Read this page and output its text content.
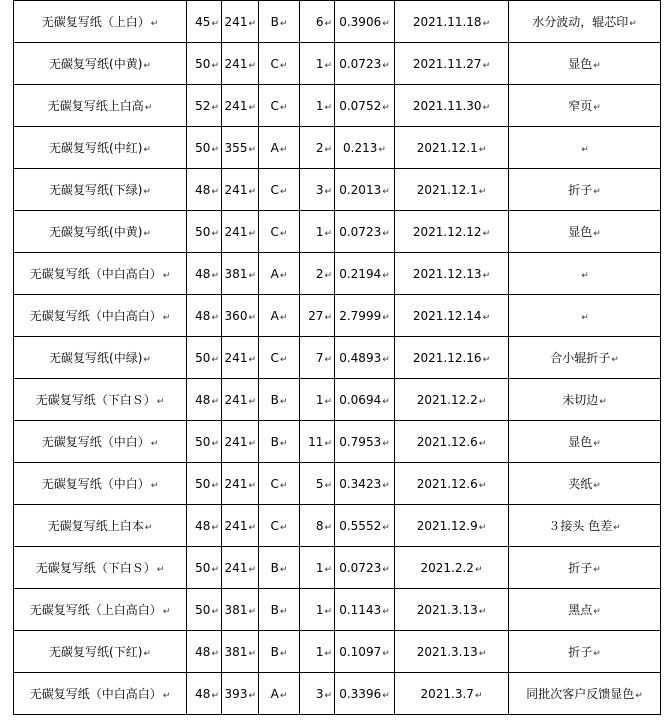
无碳复写纸（上白）↵	45↵	241↵	B↵	6↵	0.3906↵	2021.11.18↵	水分波动，辊芯印↵
无碳复写纸(中黄)↵	50↵	241↵	C↵	1↵	0.0723↵	2021.11.27↵	显色↵
无碳复写纸上白高↵	52↵	241↵	C↵	1↵	0.0752↵	2021.11.30↵	窄页↵
无碳复写纸(中红)↵	50↵	355↵	A↵	2↵	0.213↵	2021.12.1↵	↵
无碳复写纸(下绿)↵	48↵	241↵	C↵	3↵	0.2013↵	2021.12.1↵	折子↵
无碳复写纸(中黄)↵	50↵	241↵	C↵	1↵	0.0723↵	2021.12.12↵	显色↵
无碳复写纸（中白高白）↵	48↵	381↵	A↵	2↵	0.2194↵	2021.12.13↵	↵
无碳复写纸（中白高白）↵	48↵	360↵	A↵	27↵	2.7999↵	2021.12.14↵	↵
无碳复写纸(中绿)↵	50↵	241↵	C↵	7↵	0.4893↵	2021.12.16↵	合小辊折子↵
无碳复写纸（下白Ｓ）↵	48↵	241↵	B↵	1↵	0.0694↵	2021.12.2↵	未切边↵
无碳复写纸（中白）↵	50↵	241↵	B↵	11↵	0.7953↵	2021.12.6↵	显色↵
无碳复写纸（中白）↵	50↵	241↵	C↵	5↵	0.3423↵	2021.12.6↵	夹纸↵
无碳复写纸上白本↵	48↵	241↵	C↵	8↵	0.5552↵	2021.12.9↵	３接头 色差↵
无碳复写纸（下白Ｓ）↵	50↵	241↵	B↵	1↵	0.0723↵	2021.2.2↵	折子↵
无碳复写纸（上白高白）↵	50↵	381↵	B↵	1↵	0.1143↵	2021.3.13↵	黑点↵
无碳复写纸(下红)↵	48↵	381↵	B↵	1↵	0.1097↵	2021.3.13↵	折子↵
无碳复写纸（中白高白）↵	48↵	393↵	A↵	3↵	0.3396↵	2021.3.7↵	同批次客户反馈显色↵
